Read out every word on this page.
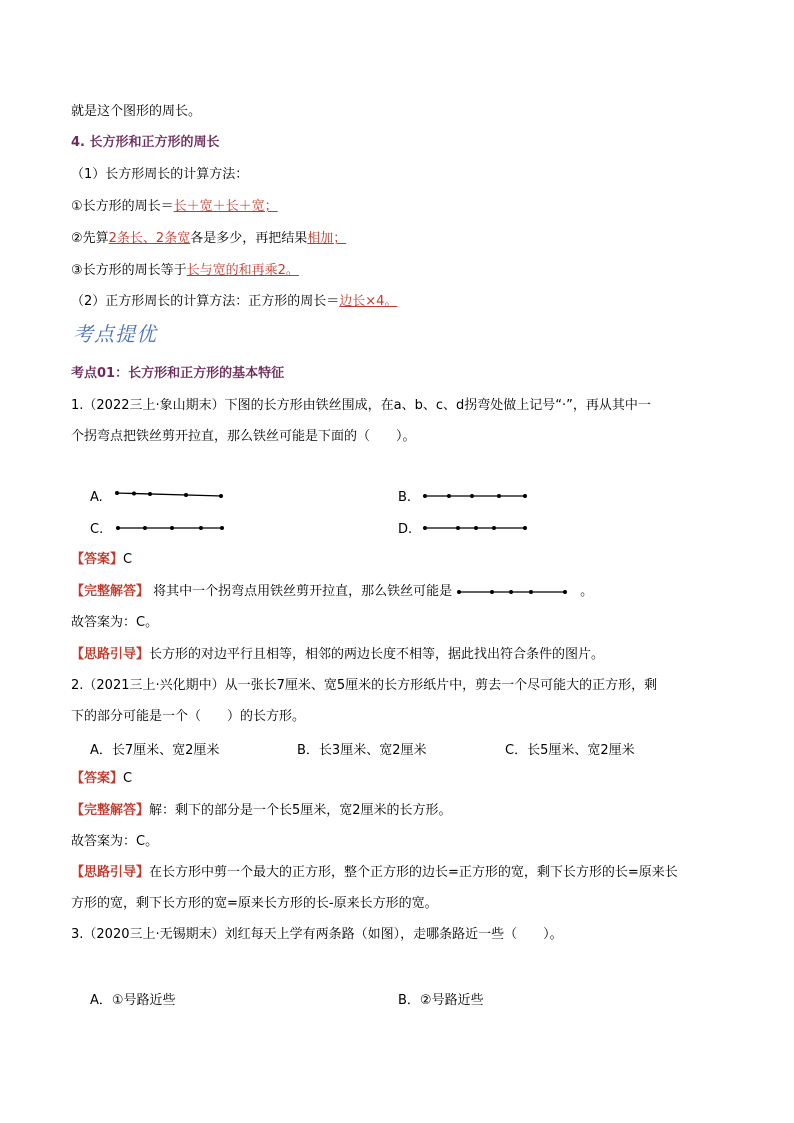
就是这个图形的周长。
4. 长方形和正方形的周长
（1）长方形周长的计算方法：
①长方形的周长＝长＋宽＋长＋宽；
②先算2条长、2条宽各是多少，再把结果相加；
③长方形的周长等于长与宽的和再乘2。
（2）正方形周长的计算方法：正方形的周长＝边长×4。
考点提优
考点01：长方形和正方形的基本特征
1.（2022三上·象山期末）下图的长方形由铁丝围成，在a、b、c、d拐弯处做上记号“·”，再从其中一
个拐弯点把铁丝剪开拉直，那么铁丝可能是下面的（　　）。
A.	B.
C.	D.
【答案】C
【完整解答】 将其中一个拐弯点用铁丝剪开拉直，那么铁丝可能是	。
故答案为：C。
【思路引导】长方形的对边平行且相等，相邻的两边长度不相等，据此找出符合条件的图片。
2.（2021三上·兴化期中）从一张长7厘米、宽5厘米的长方形纸片中，剪去一个尽可能大的正方形，剩
下的部分可能是一个（　　）的长方形。
A．长7厘米、宽2厘米	B．长3厘米、宽2厘米	C．长5厘米、宽2厘米
【答案】C
【完整解答】解：剩下的部分是一个长5厘米，宽2厘米的长方形。
故答案为：C。
【思路引导】在长方形中剪一个最大的正方形，整个正方形的边长=正方形的宽，剩下长方形的长=原来长
方形的宽，剩下长方形的宽=原来长方形的长-原来长方形的宽。
3.（2020三上·无锡期末）刘红每天上学有两条路（如图），走哪条路近一些（　　）。
A．①号路近些	B．②号路近些
